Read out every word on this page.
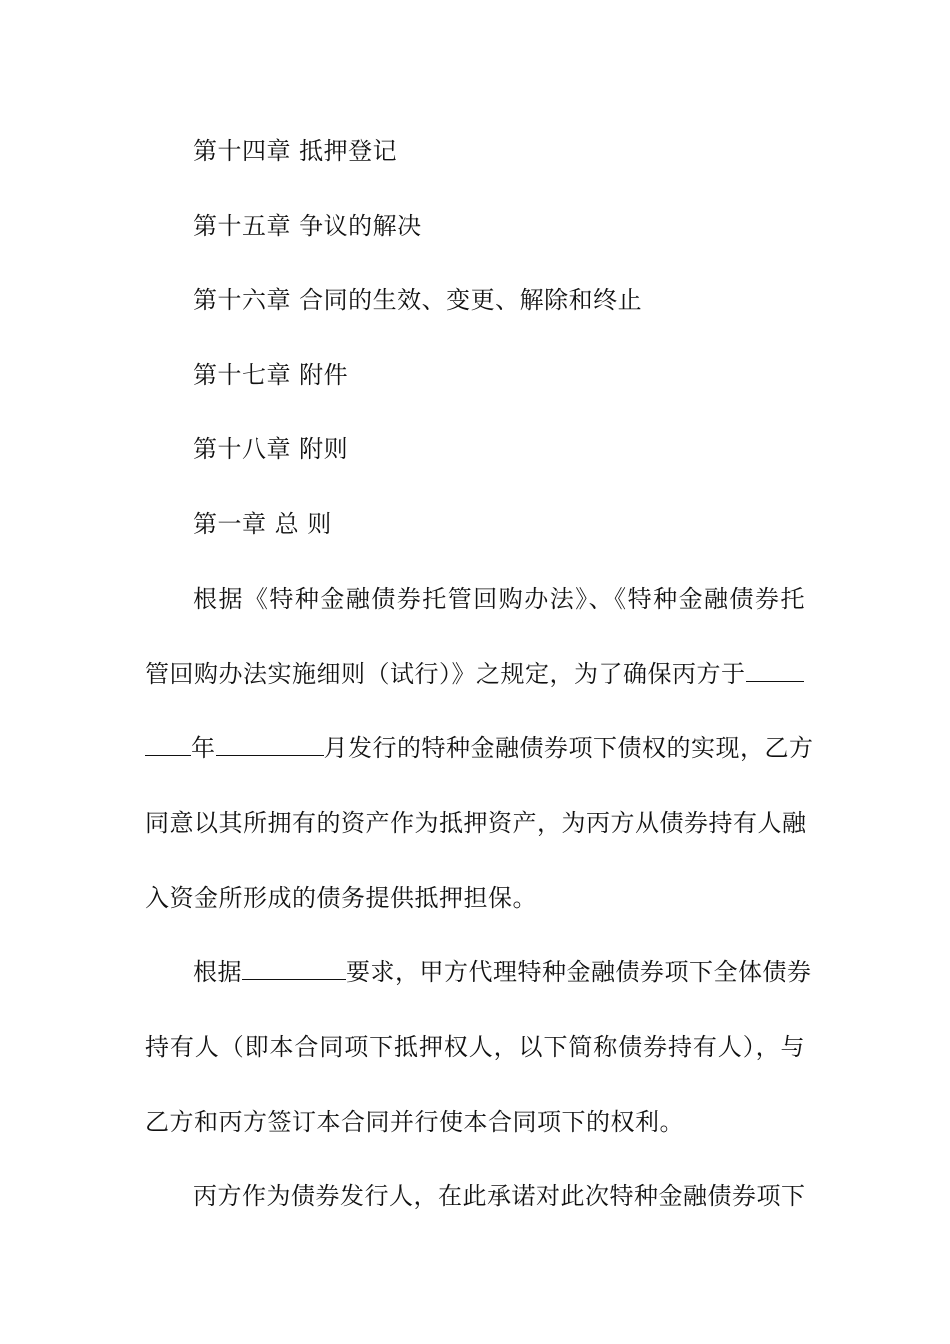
第十四章 抵押登记
第十五章 争议的解决
第十六章 合同的生效、变更、解除和终止
第十七章 附件
第十八章 附则
第一章 总 则
根据《特种金融债券托管回购办法》、《特种金融债券托
管回购办法实施细则（试行）》之规定，为了确保丙方于
年	月发行的特种金融债券项下债权的实现，乙方
同意以其所拥有的资产作为抵押资产，为丙方从债券持有人融
入资金所形成的债务提供抵押担保。
根据	要求，甲方代理特种金融债券项下全体债券
持有人（即本合同项下抵押权人，以下简称债券持有人），与
乙方和丙方签订本合同并行使本合同项下的权利。
丙方作为债券发行人，在此承诺对此次特种金融债券项下
